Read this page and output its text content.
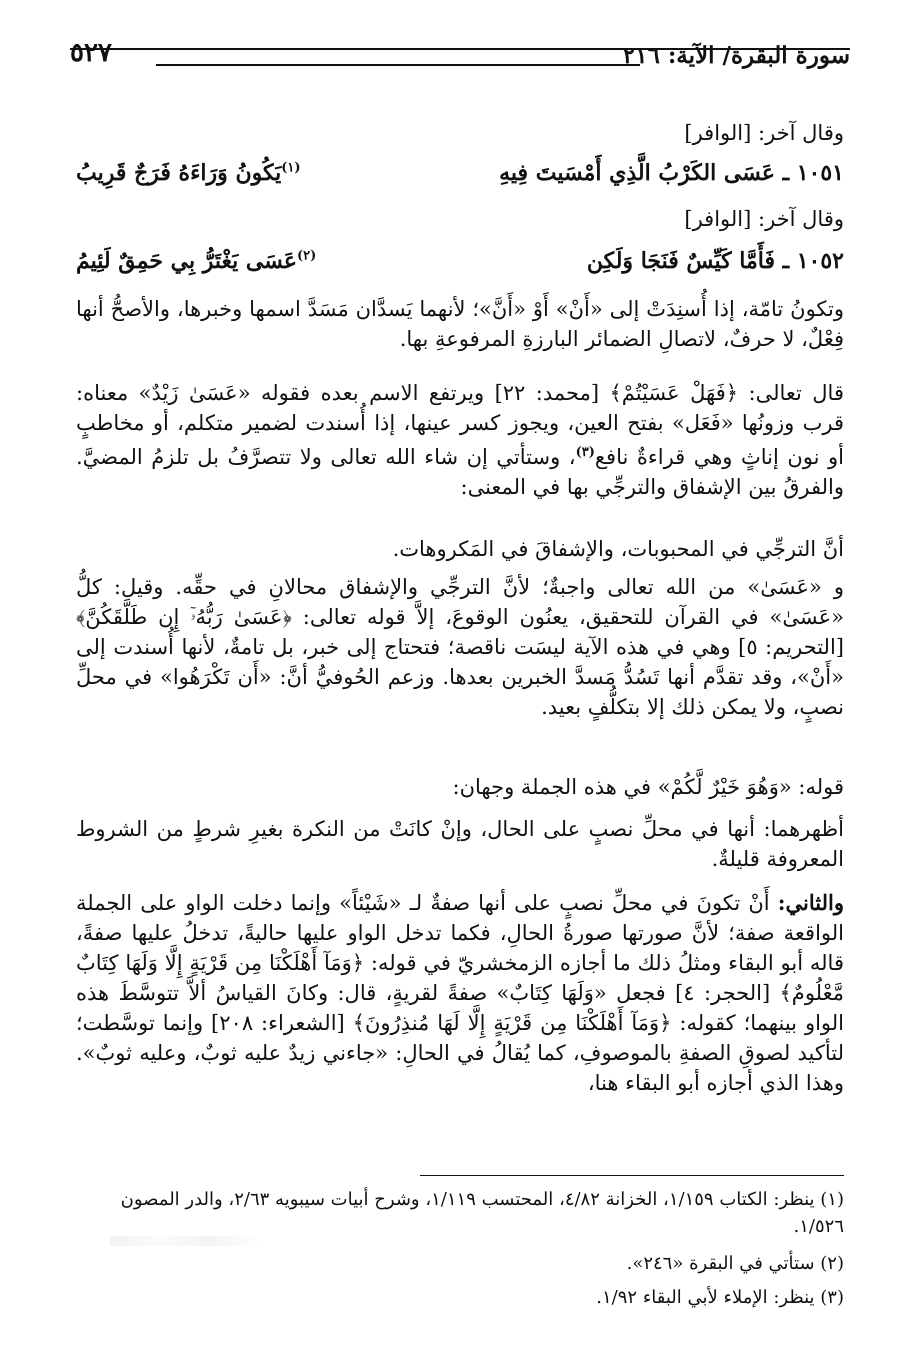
سورة البقرة/ الآية: ٢١٦
٥٢٧
وقال آخر: [الوافر]
١٠٥١ ـ عَسَى الكَرْبُ الَّذِي أَمْسَيتَ فِيهِ
$^{(١)}$يَكُونُ وَرَاءَهُ فَرَجٌ قَرِيبُ
وقال آخر: [الوافر]
١٠٥٢ ـ فَأَمَّا كَيِّسٌ فَنَجَا وَلَكِن
$^{(٢)}$عَسَى يَغْتَرُّ بِي حَمِقٌ لَئِيمُ
وتكونُ تامّة، إذا أُسنِدَتْ إلى «أَنْ» أَوْ «أَنَّ»؛ لأنهما يَسدَّان مَسَدَّ اسمها وخبرها، والأصحُّ أنها فِعْلٌ، لا حرفٌ، لاتصالِ الضمائر البارزةِ المرفوعةِ بها.
قال تعالى: ﴿فَهَلْ عَسَيْتُمْ﴾ [محمد: ٢٢] ويرتفع الاسم بعده فقوله «عَسَىٰ زَيْدٌ» معناه: قرب وزونُها «فَعَل» بفتح العين، ويجوز كسر عينها، إذا أُسندت لضمير متكلم، أو مخاطبٍ أو نون إناثٍ وهي قراءةٌ نافع$^{(٣)}$، وستأتي إن شاء الله تعالى ولا تتصرَّفُ بل تلزمُ المضيَّ. والفرقُ بين الإشفاق والترجِّي بها في المعنى:
أنَّ الترجِّي في المحبوبات، والإشفاقَ في المَكروهات.
و «عَسَىٰ» من الله تعالى واجبةٌ؛ لأنَّ الترجِّي والإشفاق محالانِ في حقِّه. وقيل: كلُّ «عَسَىٰ» في القرآن للتحقيق، يعنُون الوقوعَ، إلاَّ قوله تعالى: ﴿عَسَىٰ رَبُّهُۥٓ إِن طَلَّقَكُنَّ﴾ [التحريم: ٥] وهي في هذه الآية ليسَت ناقصة؛ فتحتاج إلى خبر، بل تامةٌ، لأنها أُسندت إلى «أَنْ»، وقد تقدَّم أنها تَسُدُّ مَسدَّ الخبرين بعدها. وزعم الحُوفيُّ أنَّ: «أَن تَكْرَهُوا» في محلِّ نصبٍ، ولا يمكن ذلك إلا بتكلُّفٍ بعيد.
قوله: «وَهُوَ خَيْرٌ لَّكُمْ» في هذه الجملة وجهان:
أظهرهما: أنها في محلِّ نصبٍ على الحال، وإنْ كانَتْ من النكرة بغيرِ شرطٍ من الشروط المعروفة قليلةٌ.
والثاني: أَنْ تكونَ في محلِّ نصبٍ على أنها صفةٌ لـ «شَيْئاً» وإنما دخلت الواو على الجملة الواقعة صفة؛ لأنَّ صورتها صورةُ الحالِ، فكما تدخل الواو عليها حاليةً، تدخلُ عليها صفةً، قاله أبو البقاء ومثلُ ذلك ما أجازه الزمخشريّ في قوله: ﴿وَمَآ أَهْلَكْنَا مِن قَرْيَةٍ إِلَّا وَلَهَا كِتَابٌ مَّعْلُومٌ﴾ [الحجر: ٤] فجعل «وَلَهَا كِتَابٌ» صفةً لقريةٍ، قال: وكانَ القياسُ ألاَّ تتوسَّطَ هذه الواو بينهما؛ كقوله: ﴿وَمَآ أَهْلَكْنَا مِن قَرْيَةٍ إِلَّا لَهَا مُنذِرُونَ﴾ [الشعراء: ٢٠٨] وإنما توسَّطت؛ لتأكيد لصوقِ الصفةِ بالموصوفِ، كما يُقالُ في الحالِ: «جاءني زيدٌ عليه ثوبٌ، وعليه ثوبٌ». وهذا الذي أجازه أبو البقاء هنا،
(١) ينظر: الكتاب ١/١٥٩، الخزانة ٤/٨٢، المحتسب ١/١١٩، وشرح أبيات سيبويه ٢/٦٣، والدر المصون ١/٥٢٦.
(٢) ستأتي في البقرة «٢٤٦».
(٣) ينظر: الإملاء لأبي البقاء ١/٩٢.
